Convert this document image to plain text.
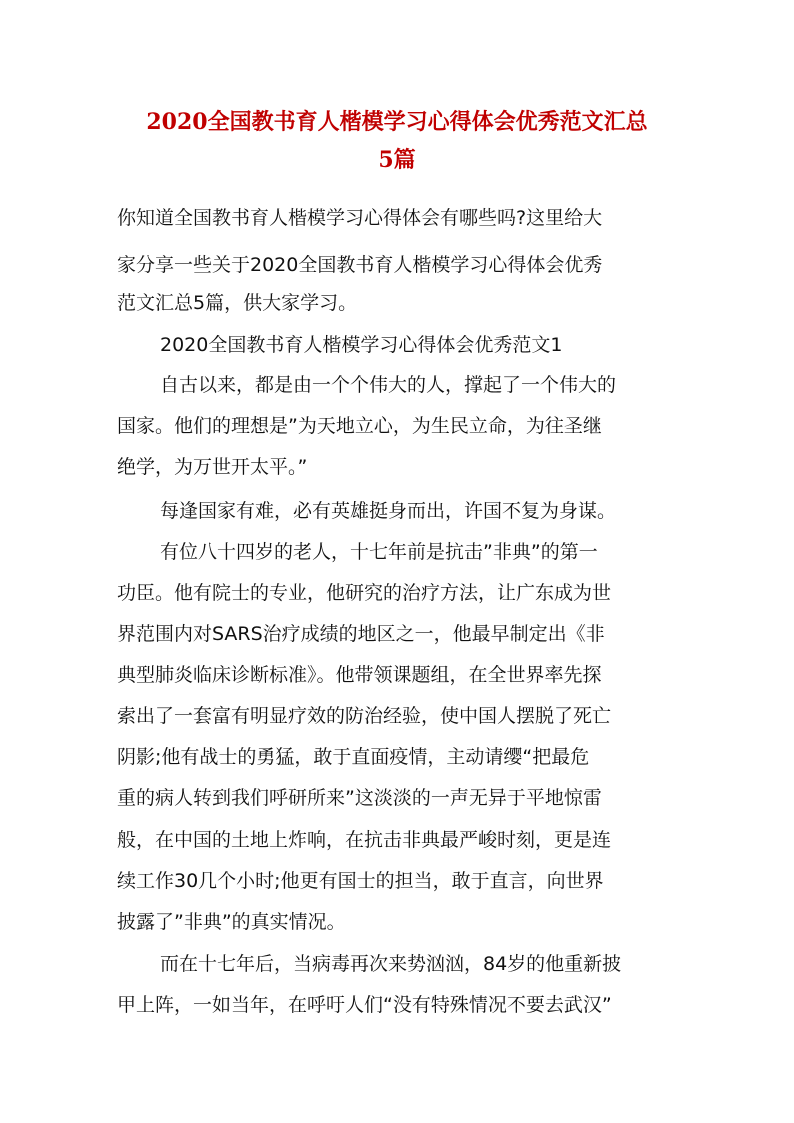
2020全国教书育人楷模学习心得体会优秀范文汇总
5篇
你知道全国教书育人楷模学习心得体会有哪些吗?这里给大
家分享一些关于2020全国教书育人楷模学习心得体会优秀
范文汇总5篇，供大家学习。
2020全国教书育人楷模学习心得体会优秀范文1
自古以来，都是由一个个伟大的人，撑起了一个伟大的
国家。他们的理想是”为天地立心，为生民立命，为往圣继
绝学，为万世开太平。”
每逢国家有难，必有英雄挺身而出，许国不复为身谋。
有位八十四岁的老人，十七年前是抗击”非典”的第一
功臣。他有院士的专业，他研究的治疗方法，让广东成为世
界范围内对SARS治疗成绩的地区之一，他最早制定出《非
典型肺炎临床诊断标准》。他带领课题组，在全世界率先探
索出了一套富有明显疗效的防治经验，使中国人摆脱了死亡
阴影;他有战士的勇猛，敢于直面疫情，主动请缨“把最危
重的病人转到我们呼研所来”这淡淡的一声无异于平地惊雷
般，在中国的土地上炸响，在抗击非典最严峻时刻，更是连
续工作30几个小时;他更有国士的担当，敢于直言，向世界
披露了”非典”的真实情况。
而在十七年后，当病毒再次来势汹汹，84岁的他重新披
甲上阵，一如当年，在呼吁人们“没有特殊情况不要去武汉”
